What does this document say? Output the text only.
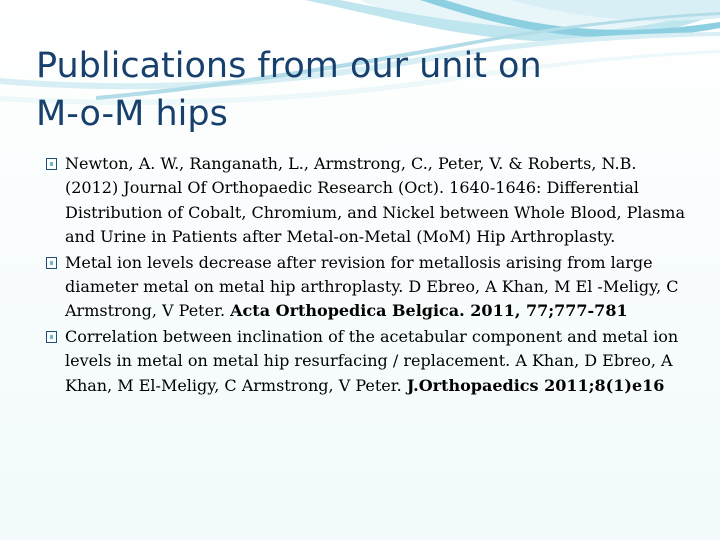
Publications from our unit on
M-o-M hips
Newton, A. W., Ranganath, L., Armstrong, C., Peter, V. & Roberts, N.B. (2012) Journal Of Orthopaedic Research (Oct). 1640-1646: Differential Distribution of Cobalt, Chromium, and Nickel between Whole Blood, Plasma and Urine in Patients after Metal-on-Metal (MoM) Hip Arthroplasty.
Metal ion levels decrease after revision for metallosis arising from large diameter metal on metal hip arthroplasty. D Ebreo, A Khan, M El -Meligy, C Armstrong, V Peter. Acta Orthopedica Belgica. 2011, 77;777-781
Correlation between inclination of the acetabular component and metal ion levels in metal on metal hip resurfacing / replacement. A Khan, D Ebreo, A Khan, M El-Meligy, C Armstrong, V Peter. J.Orthopaedics 2011;8(1)e16
